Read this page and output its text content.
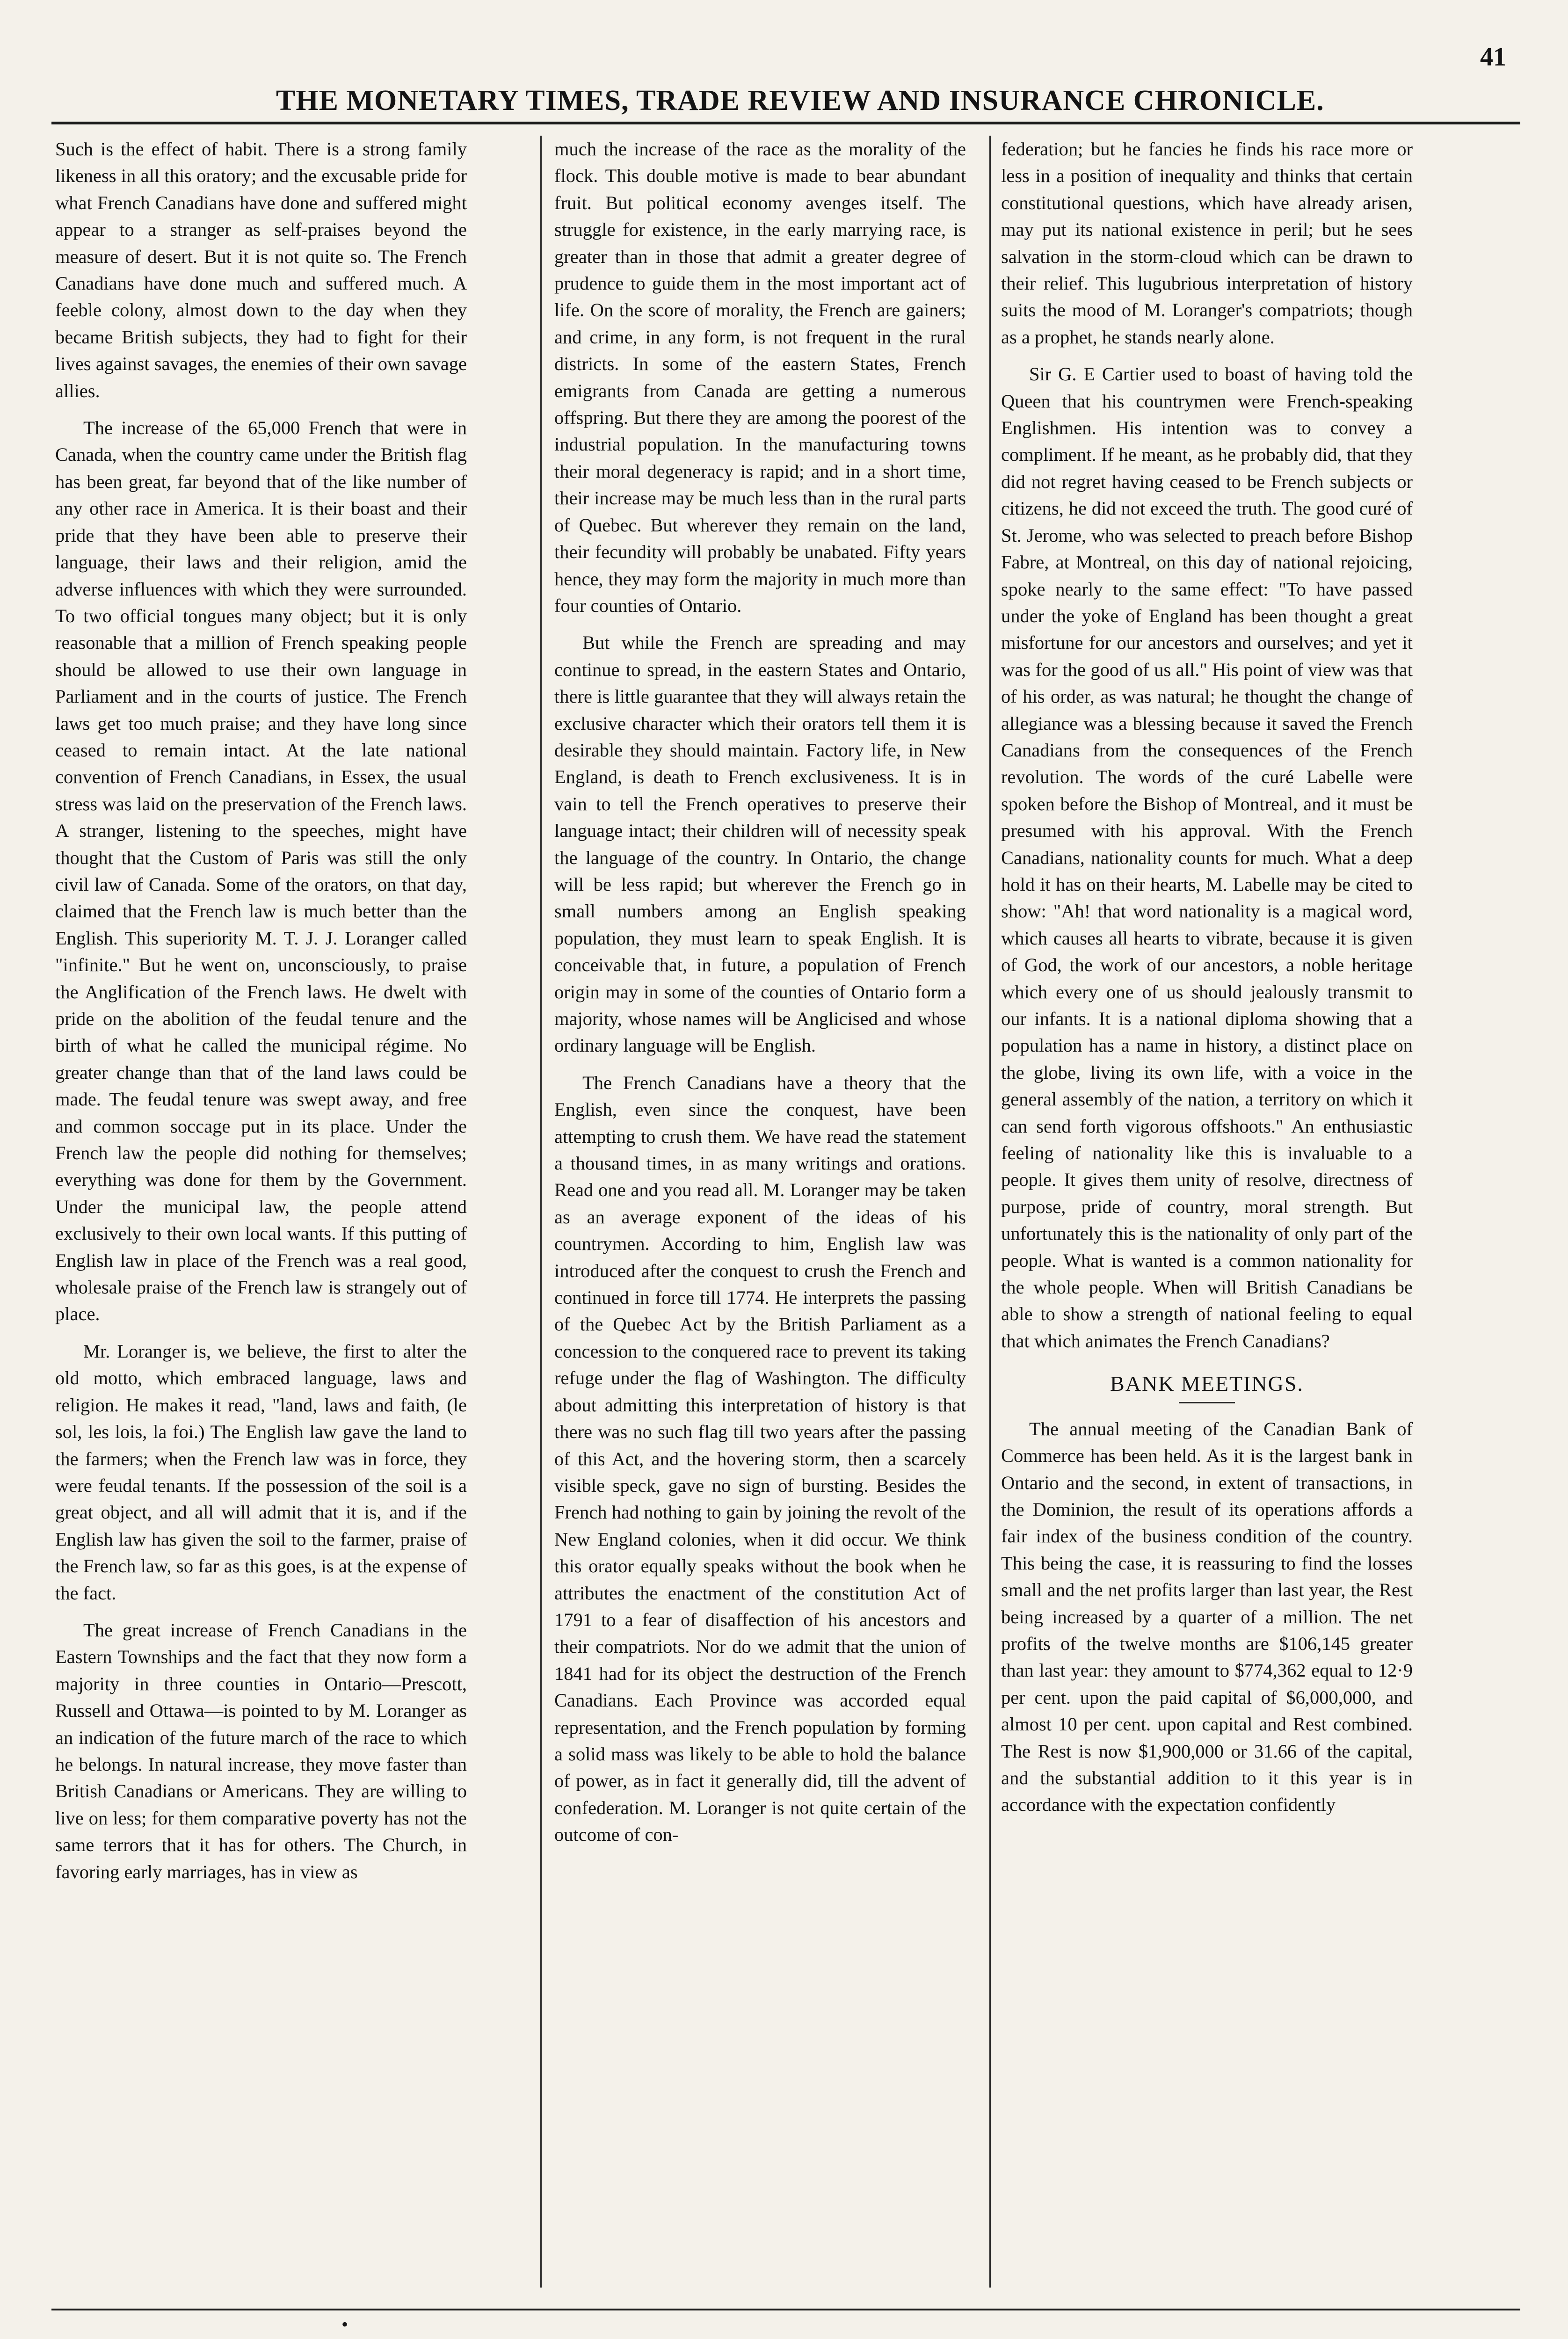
THE MONETARY TIMES, TRADE REVIEW AND INSURANCE CHRONICLE.
41

Such is the effect of habit. There is a strong family likeness in all this oratory; and the excusable pride for what French Canadians have done and suffered might appear to a stranger as self-praises beyond the measure of desert. But it is not quite so. The French Canadians have done much and suffered much. A feeble colony, almost down to the day when they became British subjects, they had to fight for their lives against savages, the enemies of their own savage allies.

The increase of the 65,000 French that were in Canada, when the country came under the British flag has been great, far beyond that of the like number of any other race in America. It is their boast and their pride that they have been able to preserve their language, their laws and their religion, amid the adverse influences with which they were surrounded. To two official tongues many object; but it is only reasonable that a million of French speaking people should be allowed to use their own language in Parliament and in the courts of justice. The French laws get too much praise; and they have long since ceased to remain intact. At the late national convention of French Canadians, in Essex, the usual stress was laid on the preservation of the French laws. A stranger, listening to the speeches, might have thought that the Custom of Paris was still the only civil law of Canada. Some of the orators, on that day, claimed that the French law is much better than the English. This superiority M. T. J. J. Loranger called "infinite." But he went on, unconsciously, to praise the Anglification of the French laws. He dwelt with pride on the abolition of the feudal tenure and the birth of what he called the municipal régime. No greater change than that of the land laws could be made. The feudal tenure was swept away, and free and common soccage put in its place. Under the French law the people did nothing for themselves; everything was done for them by the Government. Under the municipal law, the people attend exclusively to their own local wants. If this putting of English law in place of the French was a real good, wholesale praise of the French law is strangely out of place.

Mr. Loranger is, we believe, the first to alter the old motto, which embraced language, laws and religion. He makes it read, "land, laws and faith, (le sol, les lois, la foi.) The English law gave the land to the farmers; when the French law was in force, they were feudal tenants. If the possession of the soil is a great object, and all will admit that it is, and if the English law has given the soil to the farmer, praise of the French law, so far as this goes, is at the expense of the fact.

The great increase of French Canadians in the Eastern Townships and the fact that they now form a majority in three counties in Ontario—Prescott, Russell and Ottawa—is pointed to by M. Loranger as an indication of the future march of the race to which he belongs. In natural increase, they move faster than British Canadians or Americans. They are willing to live on less; for them comparative poverty has not the same terrors that it has for others. The Church, in favoring early marriages, has in view as

much the increase of the race as the morality of the flock. This double motive is made to bear abundant fruit. But political economy avenges itself. The struggle for existence, in the early marrying race, is greater than in those that admit a greater degree of prudence to guide them in the most important act of life. On the score of morality, the French are gainers; and crime, in any form, is not frequent in the rural districts. In some of the eastern States, French emigrants from Canada are getting a numerous offspring. But there they are among the poorest of the industrial population. In the manufacturing towns their moral degeneracy is rapid; and in a short time, their increase may be much less than in the rural parts of Quebec. But wherever they remain on the land, their fecundity will probably be unabated. Fifty years hence, they may form the majority in much more than four counties of Ontario.

But while the French are spreading and may continue to spread, in the eastern States and Ontario, there is little guarantee that they will always retain the exclusive character which their orators tell them it is desirable they should maintain. Factory life, in New England, is death to French exclusiveness. It is in vain to tell the French operatives to preserve their language intact; their children will of necessity speak the language of the country. In Ontario, the change will be less rapid; but wherever the French go in small numbers among an English speaking population, they must learn to speak English. It is conceivable that, in future, a population of French origin may in some of the counties of Ontario form a majority, whose names will be Anglicised and whose ordinary language will be English.

The French Canadians have a theory that the English, even since the conquest, have been attempting to crush them. We have read the statement a thousand times, in as many writings and orations. Read one and you read all. M. Loranger may be taken as an average exponent of the ideas of his countrymen. According to him, English law was introduced after the conquest to crush the French and continued in force till 1774. He interprets the passing of the Quebec Act by the British Parliament as a concession to the conquered race to prevent its taking refuge under the flag of Washington. The difficulty about admitting this interpretation of history is that there was no such flag till two years after the passing of this Act, and the hovering storm, then a scarcely visible speck, gave no sign of bursting. Besides the French had nothing to gain by joining the revolt of the New England colonies, when it did occur. We think this orator equally speaks without the book when he attributes the enactment of the constitution Act of 1791 to a fear of disaffection of his ancestors and their compatriots. Nor do we admit that the union of 1841 had for its object the destruction of the French Canadians. Each Province was accorded equal representation, and the French population by forming a solid mass was likely to be able to hold the balance of power, as in fact it generally did, till the advent of confederation. M. Loranger is not quite certain of the outcome of con-

federation; but he fancies he finds his race more or less in a position of inequality and thinks that certain constitutional questions, which have already arisen, may put its national existence in peril; but he sees salvation in the storm-cloud which can be drawn to their relief. This lugubrious interpretation of history suits the mood of M. Loranger's compatriots; though as a prophet, he stands nearly alone.

Sir G. E Cartier used to boast of having told the Queen that his countrymen were French-speaking Englishmen. His intention was to convey a compliment. If he meant, as he probably did, that they did not regret having ceased to be French subjects or citizens, he did not exceed the truth. The good curé of St. Jerome, who was selected to preach before Bishop Fabre, at Montreal, on this day of national rejoicing, spoke nearly to the same effect: "To have passed under the yoke of England has been thought a great misfortune for our ancestors and ourselves; and yet it was for the good of us all." His point of view was that of his order, as was natural; he thought the change of allegiance was a blessing because it saved the French Canadians from the consequences of the French revolution. The words of the curé Labelle were spoken before the Bishop of Montreal, and it must be presumed with his approval. With the French Canadians, nationality counts for much. What a deep hold it has on their hearts, M. Labelle may be cited to show: "Ah! that word nationality is a magical word, which causes all hearts to vibrate, because it is given of God, the work of our ancestors, a noble heritage which every one of us should jealously transmit to our infants. It is a national diploma showing that a population has a name in history, a distinct place on the globe, living its own life, with a voice in the general assembly of the nation, a territory on which it can send forth vigorous offshoots." An enthusiastic feeling of nationality like this is invaluable to a people. It gives them unity of resolve, directness of purpose, pride of country, moral strength. But unfortunately this is the nationality of only part of the people. What is wanted is a common nationality for the whole people. When will British Canadians be able to show a strength of national feeling to equal that which animates the French Canadians?

BANK MEETINGS.

The annual meeting of the Canadian Bank of Commerce has been held. As it is the largest bank in Ontario and the second, in extent of transactions, in the Dominion, the result of its operations affords a fair index of the business condition of the country. This being the case, it is reassuring to find the losses small and the net profits larger than last year, the Rest being increased by a quarter of a million. The net profits of the twelve months are $106,145 greater than last year: they amount to $774,362 equal to 12·9 per cent. upon the paid capital of $6,000,000, and almost 10 per cent. upon capital and Rest combined. The Rest is now $1,900,000 or 31.66 of the capital, and the substantial addition to it this year is in accordance with the expectation confidently

•
